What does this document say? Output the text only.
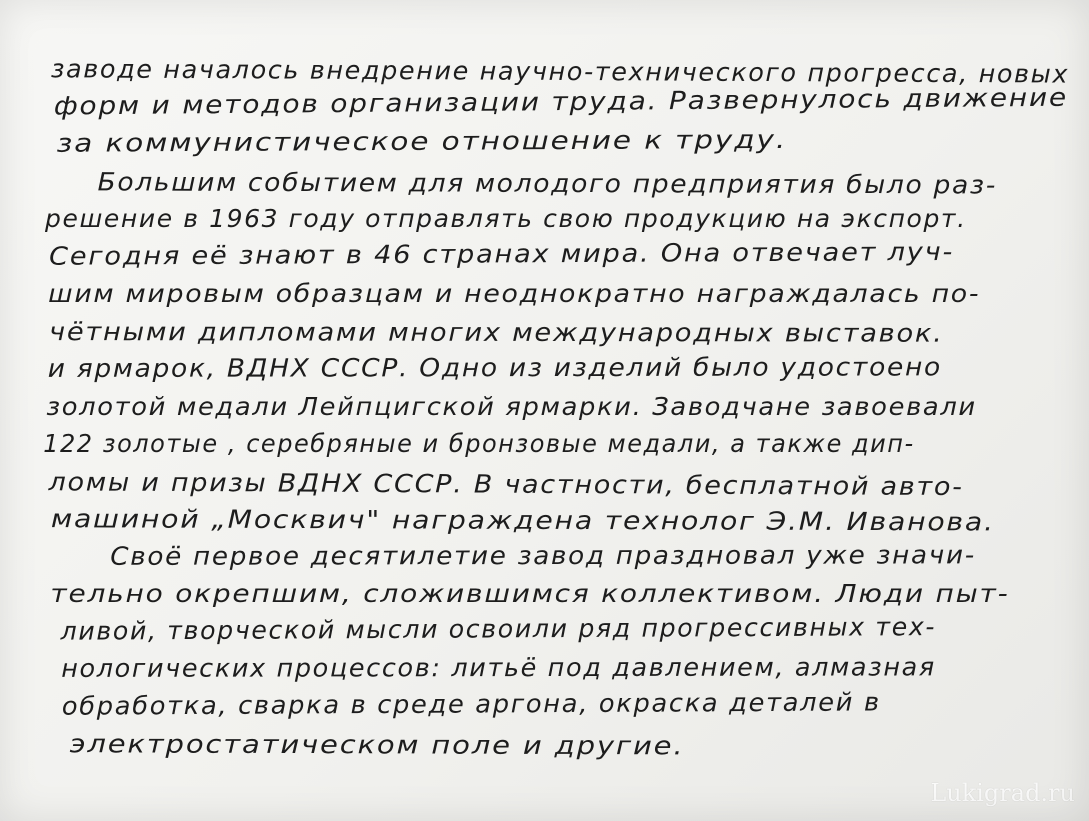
заводе началось внедрение научно-технического прогресса, новых
форм и методов организации труда. Развернулось движение
за коммунистическое отношение к труду.
Большим событием для молодого предприятия было раз-
решение в 1963 году отправлять свою продукцию на экспорт.
Сегодня её знают в 46 странах мира. Она отвечает луч-
шим мировым образцам и неоднократно награждалась по-
чётными дипломами многих международных выставок.
и ярмарок, ВДНХ СССР. Одно из изделий было удостоено
золотой медали Лейпцигской ярмарки. Заводчане завоевали
122 золотые , серебряные и бронзовые медали, а также дип-
ломы и призы ВДНХ СССР. В частности, бесплатной авто-
машиной „Москвич" награждена технолог Э.М. Иванова.
Своё первое десятилетие завод праздновал уже значи-
тельно окрепшим, сложившимся коллективом. Люди пыт-
ливой, творческой мысли освоили ряд прогрессивных тех-
нологических процессов: литьё под давлением, алмазная
обработка, сварка в среде аргона, окраска деталей в
электростатическом поле и другие.
Lukigrad.ru
